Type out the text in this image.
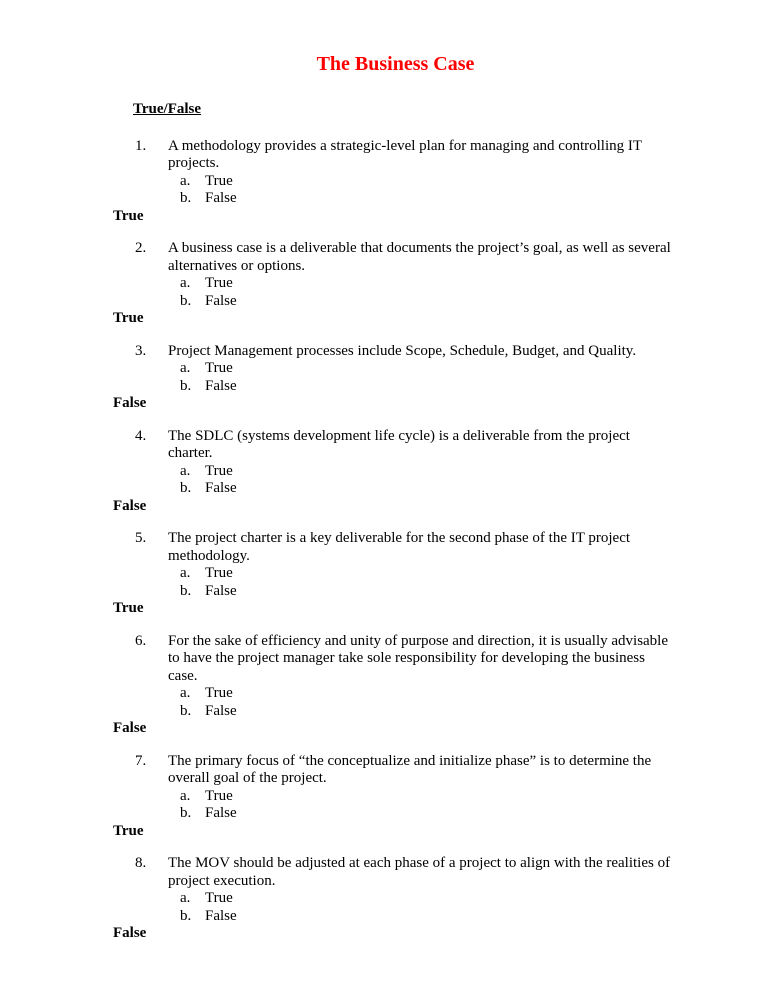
The Business Case
True/False
1.	A methodology provides a strategic-level plan for managing and controlling IT projects.
a. True
b. False
True
2.	A business case is a deliverable that documents the project’s goal, as well as several alternatives or options.
a. True
b. False
True
3.	Project Management processes include Scope, Schedule, Budget, and Quality.
a. True
b. False
False
4.	The SDLC (systems development life cycle) is a deliverable from the project charter.
a. True
b. False
False
5.	The project charter is a key deliverable for the second phase of the IT project methodology.
a. True
b. False
True
6.	For the sake of efficiency and unity of purpose and direction, it is usually advisable to have the project manager take sole responsibility for developing the business case.
a. True
b. False
False
7.	The primary focus of “the conceptualize and initialize phase” is to determine the overall goal of the project.
a. True
b. False
True
8.	The MOV should be adjusted at each phase of a project to align with the realities of project execution.
a. True
b. False
False
